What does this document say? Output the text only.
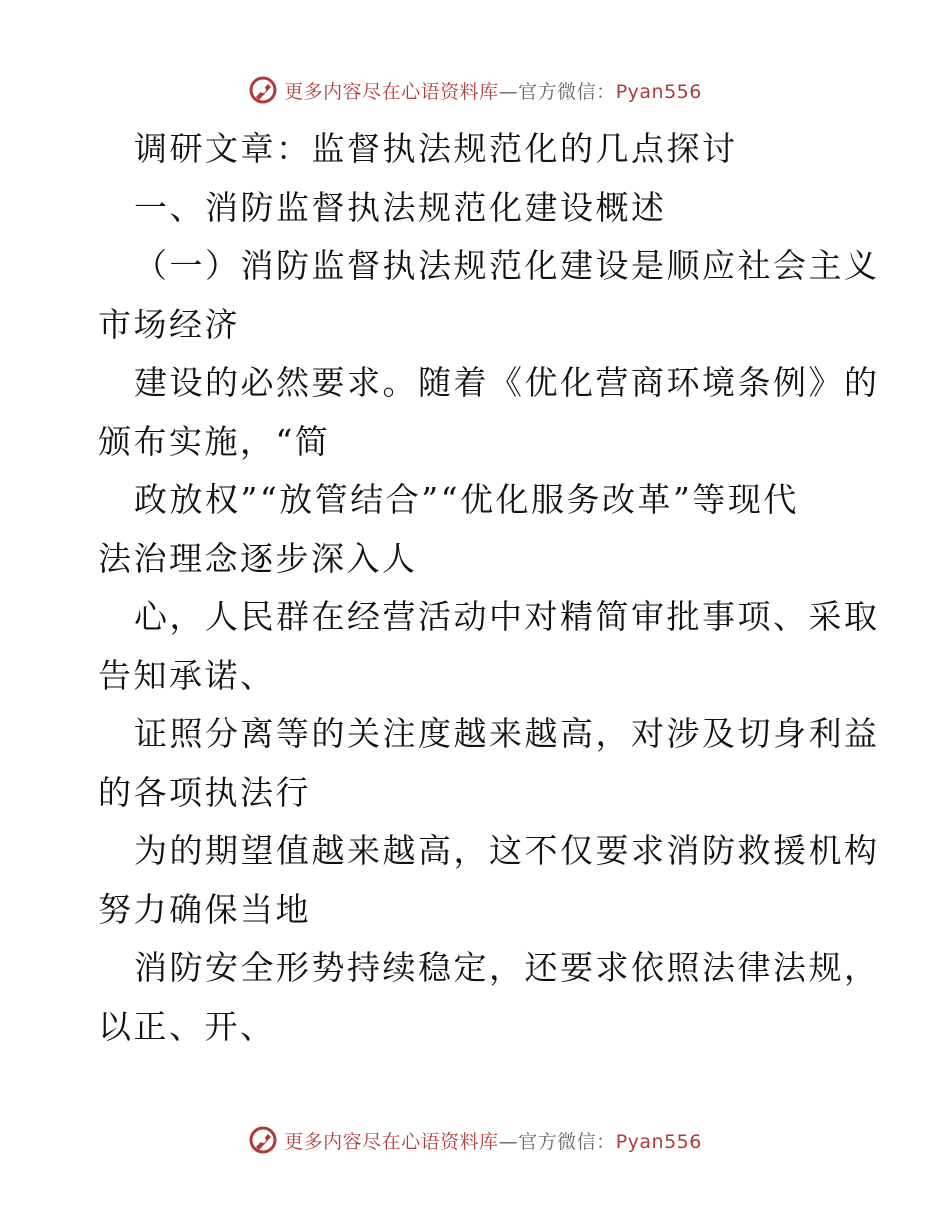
更多内容尽在心语资料库—官方微信：Pyan556
调研文章：监督执法规范化的几点探讨
一、消防监督执法规范化建设概述
（一）消防监督执法规范化建设是顺应社会主义
市场经济
建设的必然要求。随着《优化营商环境条例》的
颁布实施，“简
政放权”“放管结合”“优化服务改革”等现代
法治理念逐步深入人
心，人民群在经营活动中对精简审批事项、采取
告知承诺、
证照分离等的关注度越来越高，对涉及切身利益
的各项执法行
为的期望值越来越高，这不仅要求消防救援机构
努力确保当地
消防安全形势持续稳定，还要求依照法律法规，
以正、开、
更多内容尽在心语资料库—官方微信：Pyan556
